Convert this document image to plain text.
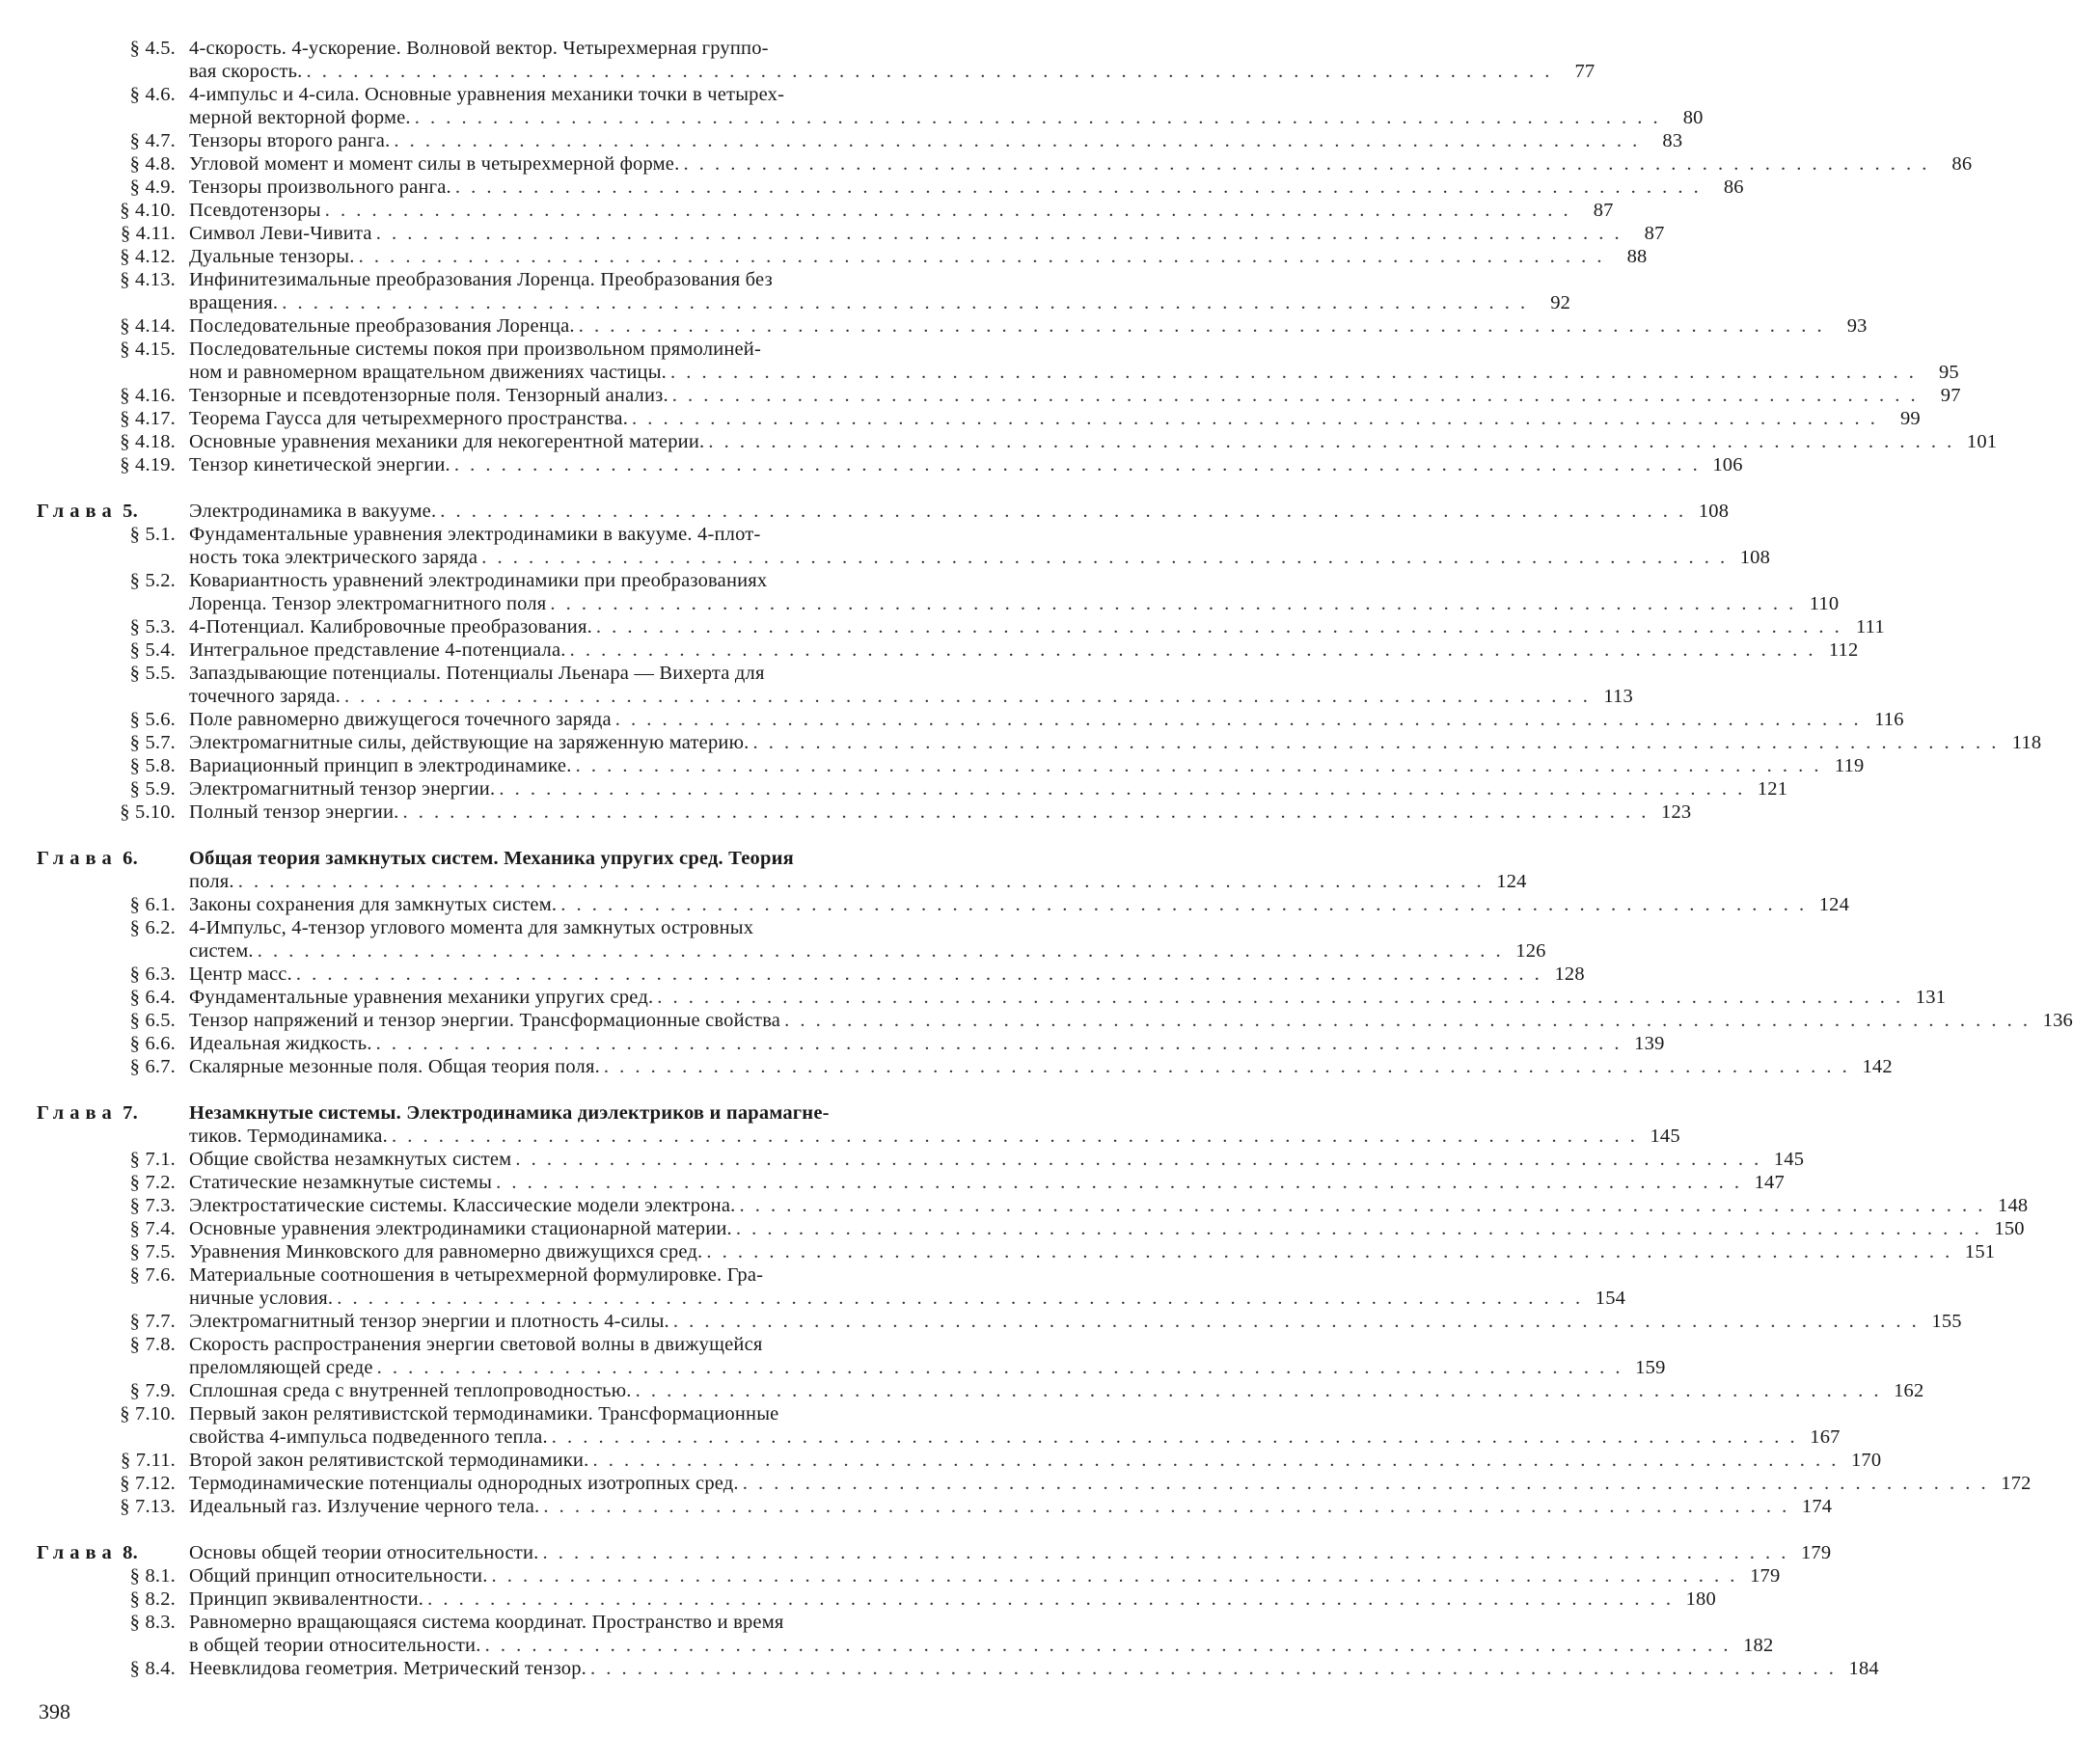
§ 4.5. 4-скорость. 4-ускорение. Волновой вектор. Четырехмерная группо-
вая скорость. . . . . . . . . . . . . . . . . . . . . . . . . . . . . . . . . . . . . . . . . . . . . . . . . . . . . . . . . . . . . . . . . . . . . . . . . . . . . . . . .	77
§ 4.6. 4-импульс и 4-сила. Основные уравнения механики точки в четырех-
мерной векторной форме. . . . . . . . . . . . . . . . . . . . . . . . . . . . . . . . . . . . . . . . . . . . . . . . . . . . . . . . . . . . . . . . . . . . . . . . . . . . . . . . .	80
§ 4.7. Тензоры второго ранга. . . . . . . . . . . . . . . . . . . . . . . . . . . . . . . . . . . . . . . . . . . . . . . . . . . . . . . . . . . . . . . . . . . . . . . . . . . . . . . . .	83
§ 4.8. Угловой момент и момент силы в четырехмерной форме. . . . . . . . . . . . . . . . . . . . . . . . . . . . . . . . . . . . . . . . . . . . . . . . . . . . . . . . . . . . . . . . . . . . . . . . . . . . . . . . .	86
§ 4.9. Тензоры произвольного ранга. . . . . . . . . . . . . . . . . . . . . . . . . . . . . . . . . . . . . . . . . . . . . . . . . . . . . . . . . . . . . . . . . . . . . . . . . . . . . . . . .	86
§ 4.10. Псевдотензоры . . . . . . . . . . . . . . . . . . . . . . . . . . . . . . . . . . . . . . . . . . . . . . . . . . . . . . . . . . . . . . . . . . . . . . . . . . . . . . . .	87
§ 4.11. Символ Леви-Чивита . . . . . . . . . . . . . . . . . . . . . . . . . . . . . . . . . . . . . . . . . . . . . . . . . . . . . . . . . . . . . . . . . . . . . . . . . . . . . . . .	87
§ 4.12. Дуальные тензоры. . . . . . . . . . . . . . . . . . . . . . . . . . . . . . . . . . . . . . . . . . . . . . . . . . . . . . . . . . . . . . . . . . . . . . . . . . . . . . . . .	88
§ 4.13. Инфинитезимальные преобразования Лоренца. Преобразования без
вращения. . . . . . . . . . . . . . . . . . . . . . . . . . . . . . . . . . . . . . . . . . . . . . . . . . . . . . . . . . . . . . . . . . . . . . . . . . . . . . . . .	92
§ 4.14. Последовательные преобразования Лоренца. . . . . . . . . . . . . . . . . . . . . . . . . . . . . . . . . . . . . . . . . . . . . . . . . . . . . . . . . . . . . . . . . . . . . . . . . . . . . . . . .	93
§ 4.15. Последовательные системы покоя при произвольном прямолиней-
ном и равномерном вращательном движениях частицы. . . . . . . . . . . . . . . . . . . . . . . . . . . . . . . . . . . . . . . . . . . . . . . . . . . . . . . . . . . . . . . . . . . . . . . . . . . . . . . . .	95
§ 4.16. Тензорные и псевдотензорные поля. Тензорный анализ. . . . . . . . . . . . . . . . . . . . . . . . . . . . . . . . . . . . . . . . . . . . . . . . . . . . . . . . . . . . . . . . . . . . . . . . . . . . . . . . .	97
§ 4.17. Теорема Гаусса для четырехмерного пространства. . . . . . . . . . . . . . . . . . . . . . . . . . . . . . . . . . . . . . . . . . . . . . . . . . . . . . . . . . . . . . . . . . . . . . . . . . . . . . . . .	99
§ 4.18. Основные уравнения механики для некогерентной материи. . . . . . . . . . . . . . . . . . . . . . . . . . . . . . . . . . . . . . . . . . . . . . . . . . . . . . . . . . . . . . . . . . . . . . . . . . . . . . . . . 101
§ 4.19. Тензор кинетической энергии. . . . . . . . . . . . . . . . . . . . . . . . . . . . . . . . . . . . . . . . . . . . . . . . . . . . . . . . . . . . . . . . . . . . . . . . . . . . . . . . . 106
Глава 5.	Электродинамика в вакууме. . . . . . . . . . . . . . . . . . . . . . . . . . . . . . . . . . . . . . . . . . . . . . . . . . . . . . . . . . . . . . . . . . . . . . . . . . . . . . . . . 108
§ 5.1. Фундаментальные уравнения электродинамики в вакууме. 4-плот-
ность тока электрического заряда . . . . . . . . . . . . . . . . . . . . . . . . . . . . . . . . . . . . . . . . . . . . . . . . . . . . . . . . . . . . . . . . . . . . . . . . . . . . . . . . 108
§ 5.2. Ковариантность уравнений электродинамики при преобразованиях
Лоренца. Тензор электромагнитного поля . . . . . . . . . . . . . . . . . . . . . . . . . . . . . . . . . . . . . . . . . . . . . . . . . . . . . . . . . . . . . . . . . . . . . . . . . . . . . . . . 110
§ 5.3. 4-Потенциал. Калибровочные преобразования. . . . . . . . . . . . . . . . . . . . . . . . . . . . . . . . . . . . . . . . . . . . . . . . . . . . . . . . . . . . . . . . . . . . . . . . . . . . . . . . . 111
§ 5.4. Интегральное представление 4-потенциала. . . . . . . . . . . . . . . . . . . . . . . . . . . . . . . . . . . . . . . . . . . . . . . . . . . . . . . . . . . . . . . . . . . . . . . . . . . . . . . . . 112
§ 5.5. Запаздывающие потенциалы. Потенциалы Льенара — Вихерта для
точечного заряда. . . . . . . . . . . . . . . . . . . . . . . . . . . . . . . . . . . . . . . . . . . . . . . . . . . . . . . . . . . . . . . . . . . . . . . . . . . . . . . . . 113
§ 5.6. Поле равномерно движущегося точечного заряда . . . . . . . . . . . . . . . . . . . . . . . . . . . . . . . . . . . . . . . . . . . . . . . . . . . . . . . . . . . . . . . . . . . . . . . . . . . . . . . . 116
§ 5.7. Электромагнитные силы, действующие на заряженную материю. . . . . . . . . . . . . . . . . . . . . . . . . . . . . . . . . . . . . . . . . . . . . . . . . . . . . . . . . . . . . . . . . . . . . . . . . . . . . . . . . 118
§ 5.8. Вариационный принцип в электродинамике. . . . . . . . . . . . . . . . . . . . . . . . . . . . . . . . . . . . . . . . . . . . . . . . . . . . . . . . . . . . . . . . . . . . . . . . . . . . . . . . . 119
§ 5.9. Электромагнитный тензор энергии. . . . . . . . . . . . . . . . . . . . . . . . . . . . . . . . . . . . . . . . . . . . . . . . . . . . . . . . . . . . . . . . . . . . . . . . . . . . . . . . . 121
§ 5.10. Полный тензор энергии. . . . . . . . . . . . . . . . . . . . . . . . . . . . . . . . . . . . . . . . . . . . . . . . . . . . . . . . . . . . . . . . . . . . . . . . . . . . . . . . . 123
Глава 6.	Общая теория замкнутых систем. Механика упругих сред. Теория
поля. . . . . . . . . . . . . . . . . . . . . . . . . . . . . . . . . . . . . . . . . . . . . . . . . . . . . . . . . . . . . . . . . . . . . . . . . . . . . . . . . 124
§ 6.1. Законы сохранения для замкнутых систем. . . . . . . . . . . . . . . . . . . . . . . . . . . . . . . . . . . . . . . . . . . . . . . . . . . . . . . . . . . . . . . . . . . . . . . . . . . . . . . . . 124
§ 6.2. 4-Импульс, 4-тензор углового момента для замкнутых островных
систем. . . . . . . . . . . . . . . . . . . . . . . . . . . . . . . . . . . . . . . . . . . . . . . . . . . . . . . . . . . . . . . . . . . . . . . . . . . . . . . . . 126
§ 6.3. Центр масс. . . . . . . . . . . . . . . . . . . . . . . . . . . . . . . . . . . . . . . . . . . . . . . . . . . . . . . . . . . . . . . . . . . . . . . . . . . . . . . . . 128
§ 6.4. Фундаментальные уравнения механики упругих сред. . . . . . . . . . . . . . . . . . . . . . . . . . . . . . . . . . . . . . . . . . . . . . . . . . . . . . . . . . . . . . . . . . . . . . . . . . . . . . . . . 131
§ 6.5. Тензор напряжений и тензор энергии. Трансформационные свойства . . . . . . . . . . . . . . . . . . . . . . . . . . . . . . . . . . . . . . . . . . . . . . . . . . . . . . . . . . . . . . . . . . . . . . . . . . . . . . . . 136
§ 6.6. Идеальная жидкость. . . . . . . . . . . . . . . . . . . . . . . . . . . . . . . . . . . . . . . . . . . . . . . . . . . . . . . . . . . . . . . . . . . . . . . . . . . . . . . . . 139
§ 6.7. Скалярные мезонные поля. Общая теория поля. . . . . . . . . . . . . . . . . . . . . . . . . . . . . . . . . . . . . . . . . . . . . . . . . . . . . . . . . . . . . . . . . . . . . . . . . . . . . . . . . 142
Глава 7.	Незамкнутые системы. Электродинамика диэлектриков и парамагне-
тиков. Термодинамика. . . . . . . . . . . . . . . . . . . . . . . . . . . . . . . . . . . . . . . . . . . . . . . . . . . . . . . . . . . . . . . . . . . . . . . . . . . . . . . . . 145
§ 7.1. Общие свойства незамкнутых систем . . . . . . . . . . . . . . . . . . . . . . . . . . . . . . . . . . . . . . . . . . . . . . . . . . . . . . . . . . . . . . . . . . . . . . . . . . . . . . . . 145
§ 7.2. Статические незамкнутые системы . . . . . . . . . . . . . . . . . . . . . . . . . . . . . . . . . . . . . . . . . . . . . . . . . . . . . . . . . . . . . . . . . . . . . . . . . . . . . . . . 147
§ 7.3. Электростатические системы. Классические модели электрона. . . . . . . . . . . . . . . . . . . . . . . . . . . . . . . . . . . . . . . . . . . . . . . . . . . . . . . . . . . . . . . . . . . . . . . . . . . . . . . . . 148
§ 7.4. Основные уравнения электродинамики стационарной материи. . . . . . . . . . . . . . . . . . . . . . . . . . . . . . . . . . . . . . . . . . . . . . . . . . . . . . . . . . . . . . . . . . . . . . . . . . . . . . . . . 150
§ 7.5. Уравнения Минковского для равномерно движущихся сред. . . . . . . . . . . . . . . . . . . . . . . . . . . . . . . . . . . . . . . . . . . . . . . . . . . . . . . . . . . . . . . . . . . . . . . . . . . . . . . . . 151
§ 7.6. Материальные соотношения в четырехмерной формулировке. Гра-
ничные условия. . . . . . . . . . . . . . . . . . . . . . . . . . . . . . . . . . . . . . . . . . . . . . . . . . . . . . . . . . . . . . . . . . . . . . . . . . . . . . . . . 154
§ 7.7. Электромагнитный тензор энергии и плотность 4-силы. . . . . . . . . . . . . . . . . . . . . . . . . . . . . . . . . . . . . . . . . . . . . . . . . . . . . . . . . . . . . . . . . . . . . . . . . . . . . . . . . 155
§ 7.8. Скорость распространения энергии световой волны в движущейся
преломляющей среде . . . . . . . . . . . . . . . . . . . . . . . . . . . . . . . . . . . . . . . . . . . . . . . . . . . . . . . . . . . . . . . . . . . . . . . . . . . . . . . . 159
§ 7.9. Сплошная среда с внутренней теплопроводностью. . . . . . . . . . . . . . . . . . . . . . . . . . . . . . . . . . . . . . . . . . . . . . . . . . . . . . . . . . . . . . . . . . . . . . . . . . . . . . . . . 162
§ 7.10. Первый закон релятивистской термодинамики. Трансформационные
свойства 4-импульса подведенного тепла. . . . . . . . . . . . . . . . . . . . . . . . . . . . . . . . . . . . . . . . . . . . . . . . . . . . . . . . . . . . . . . . . . . . . . . . . . . . . . . . . 167
§ 7.11. Второй закон релятивистской термодинамики. . . . . . . . . . . . . . . . . . . . . . . . . . . . . . . . . . . . . . . . . . . . . . . . . . . . . . . . . . . . . . . . . . . . . . . . . . . . . . . . . 170
§ 7.12. Термодинамические потенциалы однородных изотропных сред. . . . . . . . . . . . . . . . . . . . . . . . . . . . . . . . . . . . . . . . . . . . . . . . . . . . . . . . . . . . . . . . . . . . . . . . . . . . . . . . . 172
§ 7.13. Идеальный газ. Излучение черного тела. . . . . . . . . . . . . . . . . . . . . . . . . . . . . . . . . . . . . . . . . . . . . . . . . . . . . . . . . . . . . . . . . . . . . . . . . . . . . . . . . 174
Глава 8.	Основы общей теории относительности. . . . . . . . . . . . . . . . . . . . . . . . . . . . . . . . . . . . . . . . . . . . . . . . . . . . . . . . . . . . . . . . . . . . . . . . . . . . . . . . . 179
§ 8.1. Общий принцип относительности. . . . . . . . . . . . . . . . . . . . . . . . . . . . . . . . . . . . . . . . . . . . . . . . . . . . . . . . . . . . . . . . . . . . . . . . . . . . . . . . . 179
§ 8.2. Принцип эквивалентности. . . . . . . . . . . . . . . . . . . . . . . . . . . . . . . . . . . . . . . . . . . . . . . . . . . . . . . . . . . . . . . . . . . . . . . . . . . . . . . . . 180
§ 8.3. Равномерно вращающаяся система координат. Пространство и время
в общей теории относительности. . . . . . . . . . . . . . . . . . . . . . . . . . . . . . . . . . . . . . . . . . . . . . . . . . . . . . . . . . . . . . . . . . . . . . . . . . . . . . . . . 182
§ 8.4. Неевклидова геометрия. Метрический тензор. . . . . . . . . . . . . . . . . . . . . . . . . . . . . . . . . . . . . . . . . . . . . . . . . . . . . . . . . . . . . . . . . . . . . . . . . . . . . . . . . 184
398
